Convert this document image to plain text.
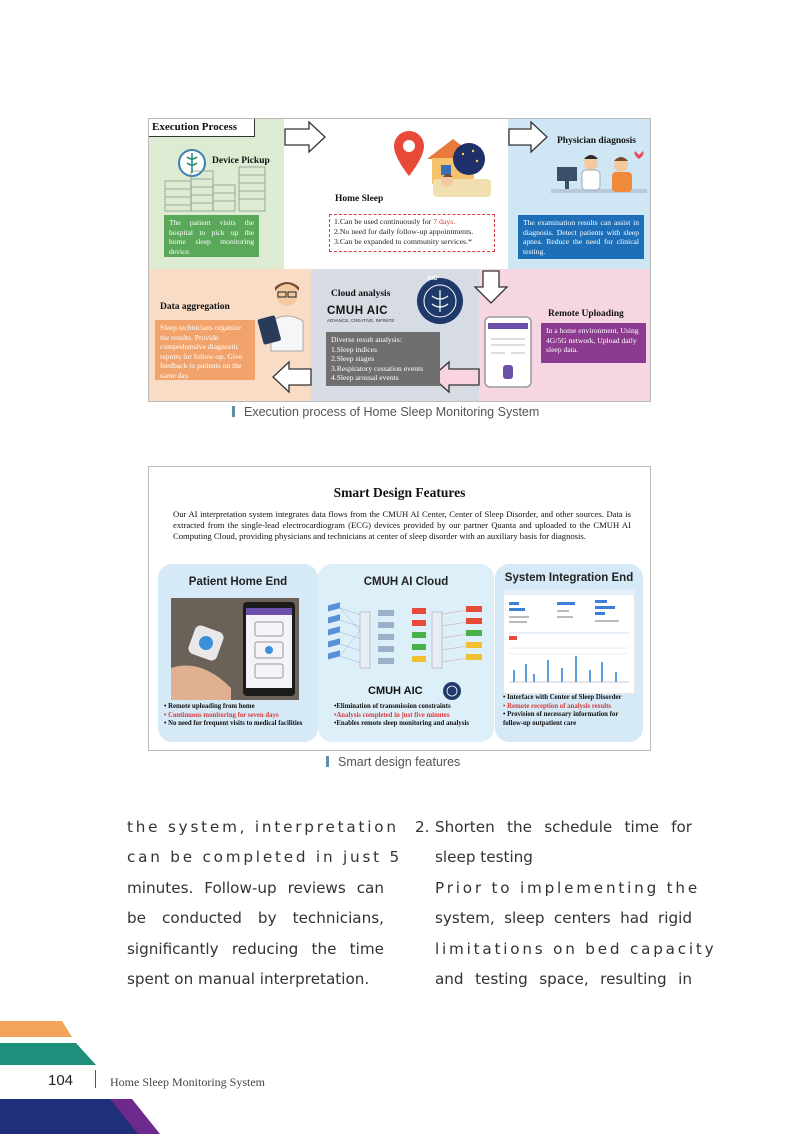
Execution Process
Device Pickup
The patient visits the hospital to pick up the home sleep monitoring device.
Home Sleep
1.Can be used continuously for 7 days.
2.No need for daily follow-up appointments.
3.Can be expanded to community services.*
Physician diagnosis
The examination results can assist in diagnosis. Detect patients with sleep apnea. Reduce the need for clinical testing.
Data aggregation
Sleep technicians organize the results. Provide comprehensive diagnostic reports for follow-up. Give feedback to patients on the same day.
Cloud analysis
CMUH AIC
ADVANCE, CREATIVE, INFINITE
AIC
Diverse result analysis:
1.Sleep indices
2.Sleep stages
3.Respiratory cessation events
4.Sleep arousal events
Remote Uploading
In a home environment, Using 4G/5G network, Upload daily sleep data.
Execution process of Home Sleep Monitoring System
Smart Design Features
Our AI interpretation system integrates data flows from the CMUH AI Center, Center of Sleep Disorder, and other sources. Data is extracted from the single-lead electrocardiogram (ECG) devices provided by our partner Quanta and uploaded to the CMUH AI Computing Cloud, providing physicians and technicians at center of sleep disorder with an auxiliary basis for diagnosis.
Patient Home End
• Remote uploading from home
• Continuous monitoring for seven days
• No need for frequent visits to medical facilities
CMUH AI Cloud
CMUH AIC
•Elimination of transmission constraints
•Analysis completed in just five minutes
•Enables remote sleep monitoring and analysis
System Integration End
• Interface with Center of Sleep Disorder
• Remote reception of analysis results
• Provision of necessary information for follow-up outpatient care
Smart design features

the system, interpretation

can be completed in just 5

minutes. Follow-up reviews can

be conducted by technicians,

significantly reducing the time

spent on manual interpretation.

2. Shorten the schedule time for

sleep testing

Prior to implementing the

system, sleep centers had rigid

limitations on bed capacity

and testing space, resulting in

104	Home Sleep Monitoring System
